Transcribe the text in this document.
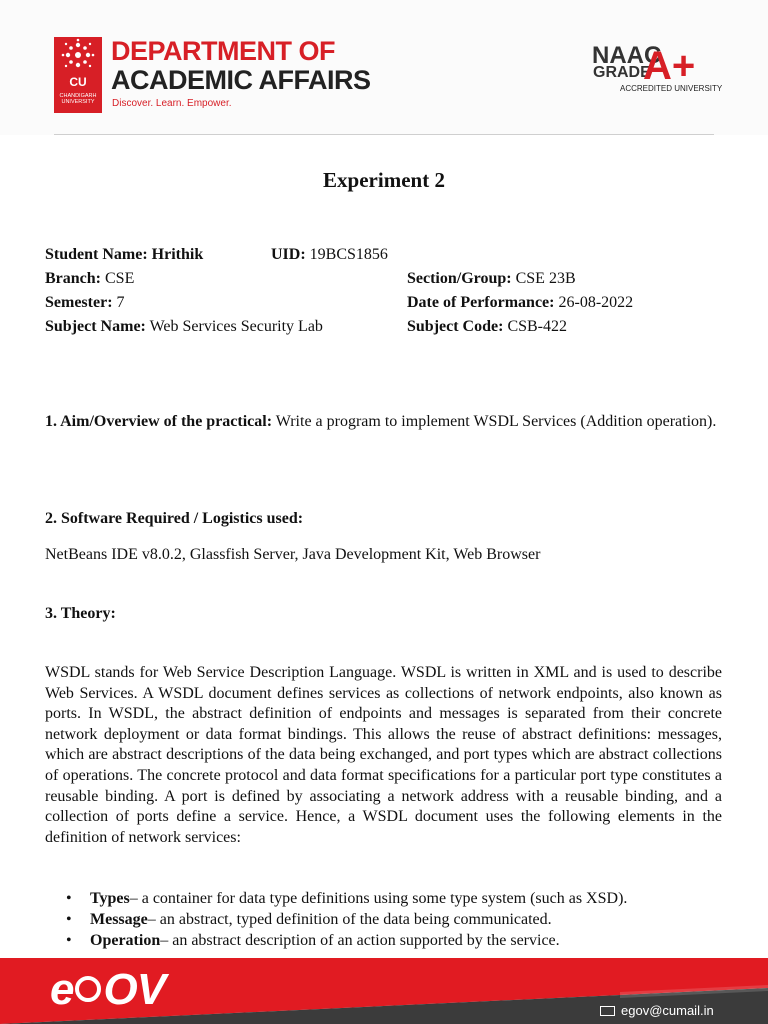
CU
CHANDIGARH UNIVERSITY
DEPARTMENT OF
ACADEMIC AFFAIRS
Discover. Learn. Empower.
NAAC
GRADE
A+
ACCREDITED UNIVERSITY
Experiment 2
Student Name: Hrithik	UID: 19BCS1856
Branch: CSE	Section/Group: CSE 23B
Semester: 7	Date of Performance: 26-08-2022
Subject Name: Web Services Security Lab	Subject Code: CSB-422
1. Aim/Overview of the practical: Write a program to implement WSDL Services (Addition operation).
2. Software Required / Logistics used:
NetBeans IDE v8.0.2, Glassfish Server, Java Development Kit, Web Browser
3. Theory:
WSDL stands for Web Service Description Language. WSDL is written in XML and is used to describe Web Services. A WSDL document defines services as collections of network endpoints, also known as ports. In WSDL, the abstract definition of endpoints and messages is separated from their concrete network deployment or data format bindings. This allows the reuse of abstract definitions: messages, which are abstract descriptions of the data being exchanged, and port types which are abstract collections of operations. The concrete protocol and data format specifications for a particular port type constitutes a reusable binding. A port is defined by associating a network address with a reusable binding, and a collection of ports define a service. Hence, a WSDL document uses the following elements in the definition of network services:
• Types– a container for data type definitions using some type system (such as XSD).
• Message– an abstract, typed definition of the data being communicated.
• Operation– an abstract description of an action supported by the service.
e OV	egov@cumail.in
